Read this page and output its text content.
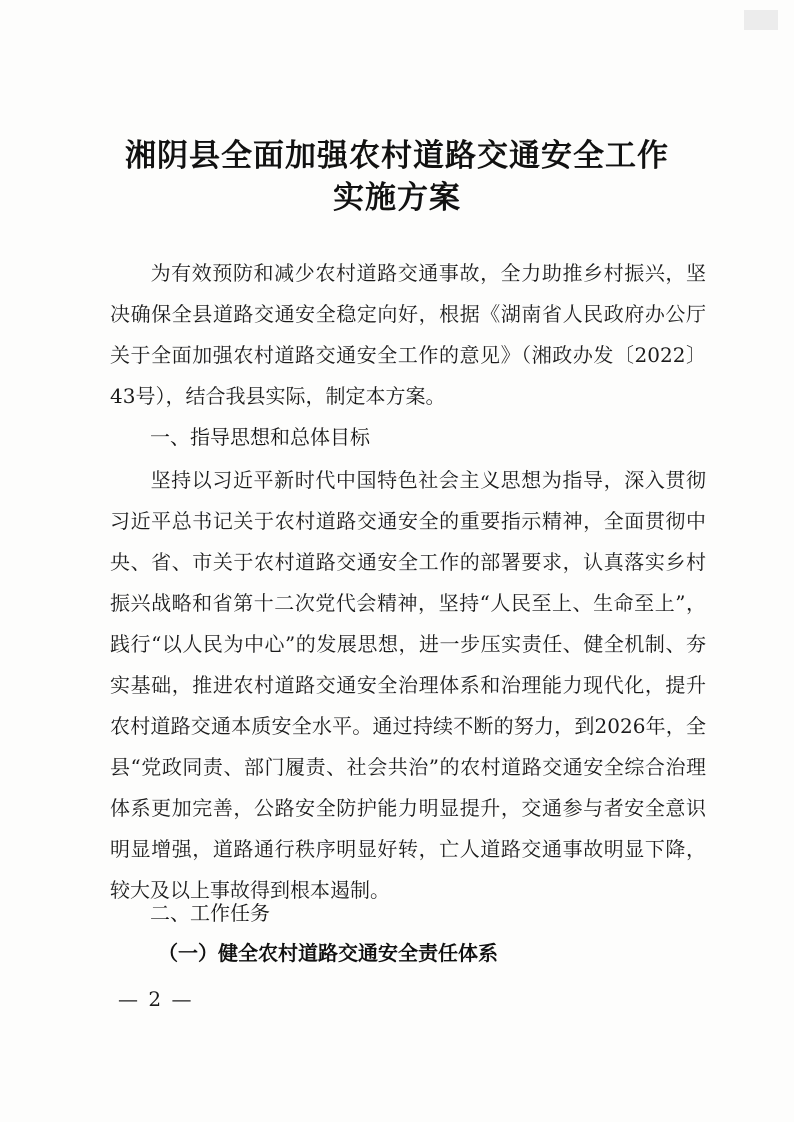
湘阴县全面加强农村道路交通安全工作
实施方案

为有效预防和减少农村道路交通事故，全力助推乡村振兴，坚决确保全县道路交通安全稳定向好，根据《湖南省人民政府办公厅关于全面加强农村道路交通安全工作的意见》（湘政办发〔2022〕43号），结合我县实际，制定本方案。

一、指导思想和总体目标

坚持以习近平新时代中国特色社会主义思想为指导，深入贯彻习近平总书记关于农村道路交通安全的重要指示精神，全面贯彻中央、省、市关于农村道路交通安全工作的部署要求，认真落实乡村振兴战略和省第十二次党代会精神，坚持“人民至上、生命至上”，践行“以人民为中心”的发展思想，进一步压实责任、健全机制、夯实基础，推进农村道路交通安全治理体系和治理能力现代化，提升农村道路交通本质安全水平。通过持续不断的努力，到2026年，全县“党政同责、部门履责、社会共治”的农村道路交通安全综合治理体系更加完善，公路安全防护能力明显提升，交通参与者安全意识明显增强，道路通行秩序明显好转，亡人道路交通事故明显下降，较大及以上事故得到根本遏制。

二、工作任务
（一）健全农村道路交通安全责任体系
— 2 —
